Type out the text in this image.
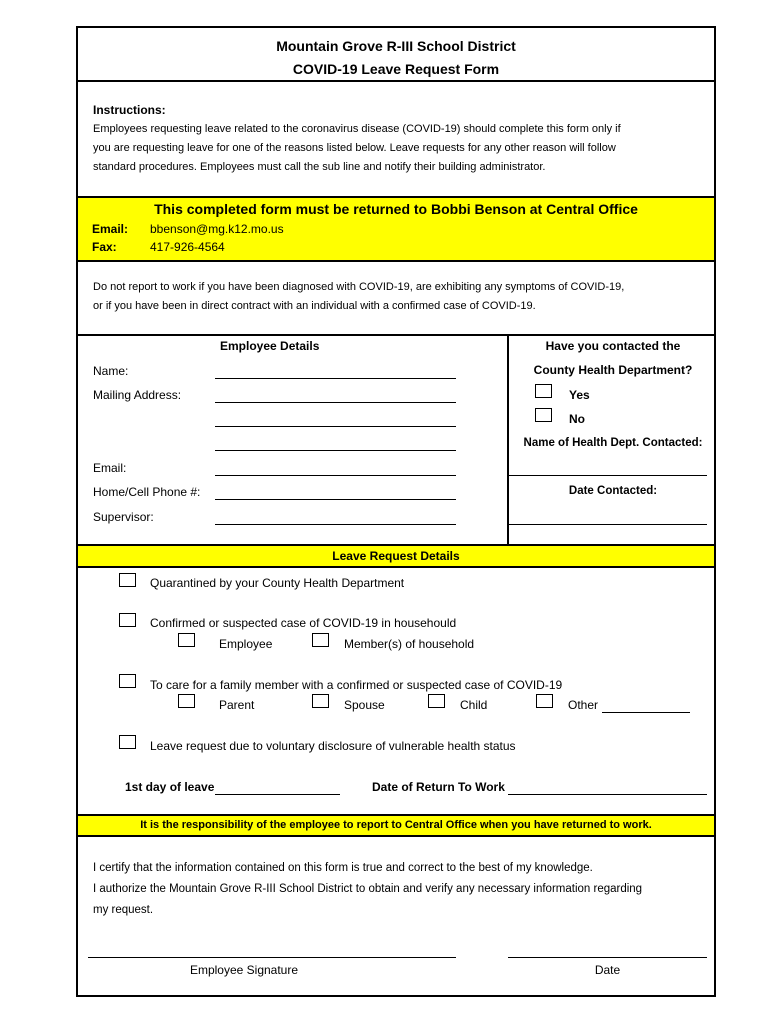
Mountain Grove R-III School District
COVID-19 Leave Request Form
Instructions:
Employees requesting leave related to the coronavirus disease (COVID-19) should complete this form only if
you are requesting leave for one of the reasons listed below. Leave requests for any other reason will follow
standard procedures. Employees must call the sub line and notify their building administrator.
This completed form must be returned to Bobbi Benson at Central Office
Email: bbenson@mg.k12.mo.us
Fax:	417-926-4564
Do not report to work if you have been diagnosed with COVID-19, are exhibiting any symptoms of COVID-19,
or if you have been in direct contract with an individual with a confirmed case of COVID-19.
Employee Details
Name:
Mailing Address:
Email:
Home/Cell Phone #:
Supervisor:
Have you contacted the
County Health Department?
Yes
No
Name of Health Dept. Contacted:
Date Contacted:
Leave Request Details
Quarantined by your County Health Department
Confirmed or suspected case of COVID-19 in househould
Employee	Member(s) of household
To care for a family member with a confirmed or suspected case of COVID-19
Parent	Spouse	Child	Other
Leave request due to voluntary disclosure of vulnerable health status
1st day of leave	Date of Return To Work
It is the responsibility of the employee to report to Central Office when you have returned to work.
I certify that the information contained on this form is true and correct to the best of my knowledge.
I authorize the Mountain Grove R-III School District to obtain and verify any necessary information regarding
my request.
Employee Signature	Date
